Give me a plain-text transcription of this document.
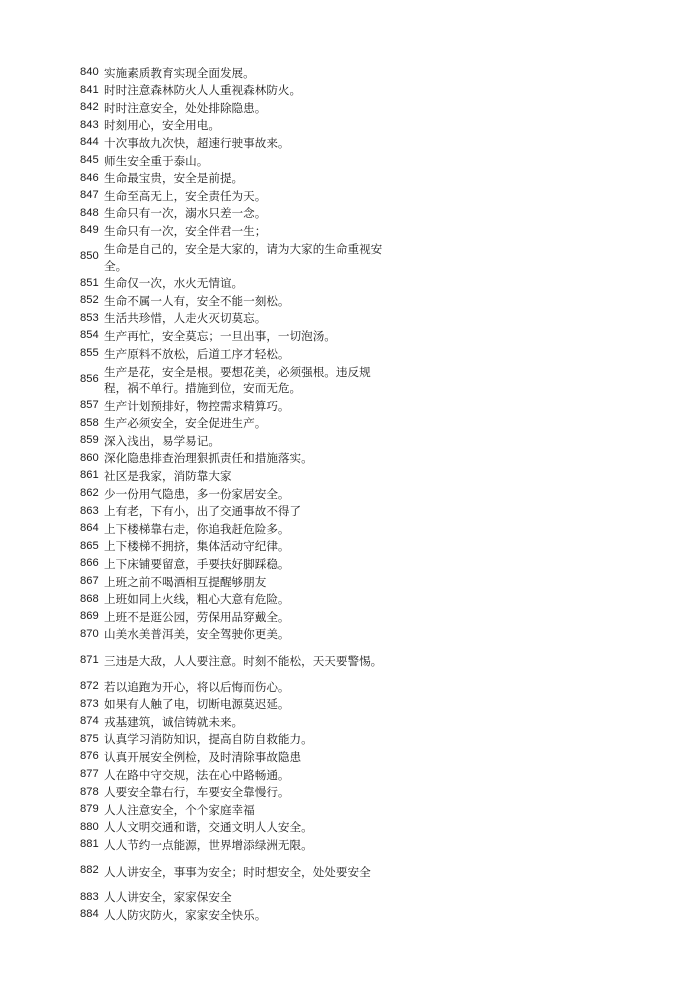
840 实施素质教育实现全面发展。
841 时时注意森林防火人人重视森林防火。
842 时时注意安全，处处排除隐患。
843 时刻用心，安全用电。
844 十次事故九次快，超速行驶事故来。
845 师生安全重于泰山。
846 生命最宝贵，安全是前提。
847 生命至高无上，安全责任为天。
848 生命只有一次，溺水只差一念。
849 生命只有一次，安全伴君一生；
850
生命是自己的，安全是大家的，请为大家的生命重视安全。
851 生命仅一次，水火无情谊。
852 生命不属一人有，安全不能一刻松。
853 生活共珍惜，人走火灭切莫忘。
854 生产再忙，安全莫忘；一旦出事，一切泡汤。
855 生产原料不放松，后道工序才轻松。
856
生产是花，安全是根。要想花美，必须强根。违反规程，祸不单行。措施到位，安而无危。
857 生产计划预排好，物控需求精算巧。
858 生产必须安全，安全促进生产。
859 深入浅出，易学易记。
860 深化隐患排查治理狠抓责任和措施落实。
861 社区是我家，消防靠大家
862 少一份用气隐患，多一份家居安全。
863 上有老，下有小，出了交通事故不得了
864 上下楼梯靠右走，你追我赶危险多。
865 上下楼梯不拥挤，集体活动守纪律。
866 上下床铺要留意，手要扶好脚踩稳。
867 上班之前不喝酒相互提醒够朋友
868 上班如同上火线，粗心大意有危险。
869 上班不是逛公园，劳保用品穿戴全。
870 山美水美普洱美，安全驾驶你更美。
871 三违是大敌，人人要注意。时刻不能松，天天要警惕。
872 若以追跑为开心，将以后悔而伤心。
873 如果有人触了电，切断电源莫迟延。
874 戎基建筑，诚信铸就未来。
875 认真学习消防知识，提高自防自救能力。
876 认真开展安全例检，及时清除事故隐患
877 人在路中守交规，法在心中路畅通。
878 人要安全靠右行，车要安全靠慢行。
879 人人注意安全，个个家庭幸福
880 人人文明交通和谐，交通文明人人安全。
881 人人节约一点能源，世界增添绿洲无限。
882 人人讲安全，事事为安全；时时想安全，处处要安全
883 人人讲安全，家家保安全
884 人人防灾防火，家家安全快乐。
